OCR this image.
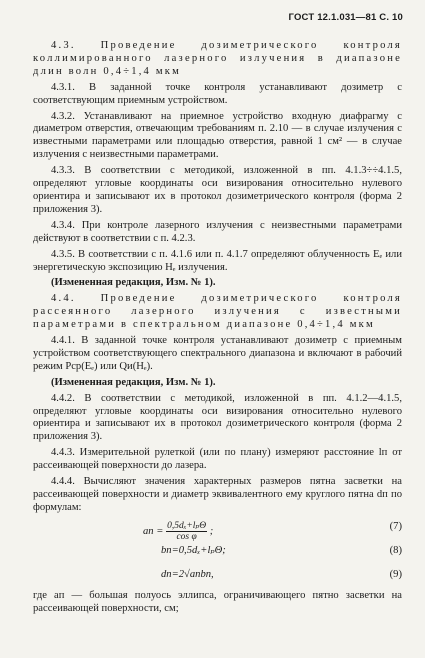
ГОСТ 12.1.031—81 С. 10

4.3. Проведение дозиметрического контроля коллимированного лазерного излучения в диапазоне длин волн 0,4÷1,4 мкм

4.3.1. В заданной точке контроля устанавливают дозиметр с соответствующим приемным устройством.

4.3.2. Устанавливают на приемное устройство входную диафрагму с диаметром отверстия, отвечающим требованиям п. 2.10 — в случае излучения с известными параметрами или площадью отверстия, равной 1 см² — в случае излучения с неизвестными параметрами.

4.3.3. В соответствии с методикой, изложенной в пп. 4.1.3÷÷4.1.5, определяют угловые координаты оси визирования относительно нулевого ориентира и записывают их в протокол дозиметрического контроля (форма 2 приложения 3).

4.3.4. При контроле лазерного излучения с неизвестными параметрами действуют в соответствии с п. 4.2.3.

4.3.5. В соответствии с п. 4.1.6 или п. 4.1.7 определяют облученность Eₑ или энергетическую экспозицию Hₑ излучения.

(Измененная редакция, Изм. № 1).

4.4. Проведение дозиметрического контроля рассеянного лазерного излучения с известными параметрами в спектральном диапазоне 0,4÷1,4 мкм

4.4.1. В заданной точке контроля устанавливают дозиметр с приемным устройством соответствующего спектрального диапазона и включают в рабочий режим Pср(Eₑ) или Qи(Hₑ).

(Измененная редакция, Изм. № 1).

4.4.2. В соответствии с методикой, изложенной в пп. 4.1.2—4.1.5, определяют угловые координаты оси визирования относительно нулевого ориентира и записывают их в протокол дозиметрического контроля (форма 2 приложения 3).

4.4.3. Измерительной рулеткой (или по плану) измеряют расстояние lп от рассеивающей поверхности до лазера.

4.4.4. Вычисляют значения характерных размеров пятна засветки на рассеивающей поверхности и диаметр эквивалентного ему круглого пятна dп по формулам:

aп = $\frac{\text{0,5dₓ+lₚΘ}}{\text{cos φ}}$ ;	(7)
bп=0,5dₓ+lₚΘ;	(8)
dп=2√aпbп,	(9)

где aп — большая полуось эллипса, ограничивающего пятно засветки на рассеивающей поверхности, см;
